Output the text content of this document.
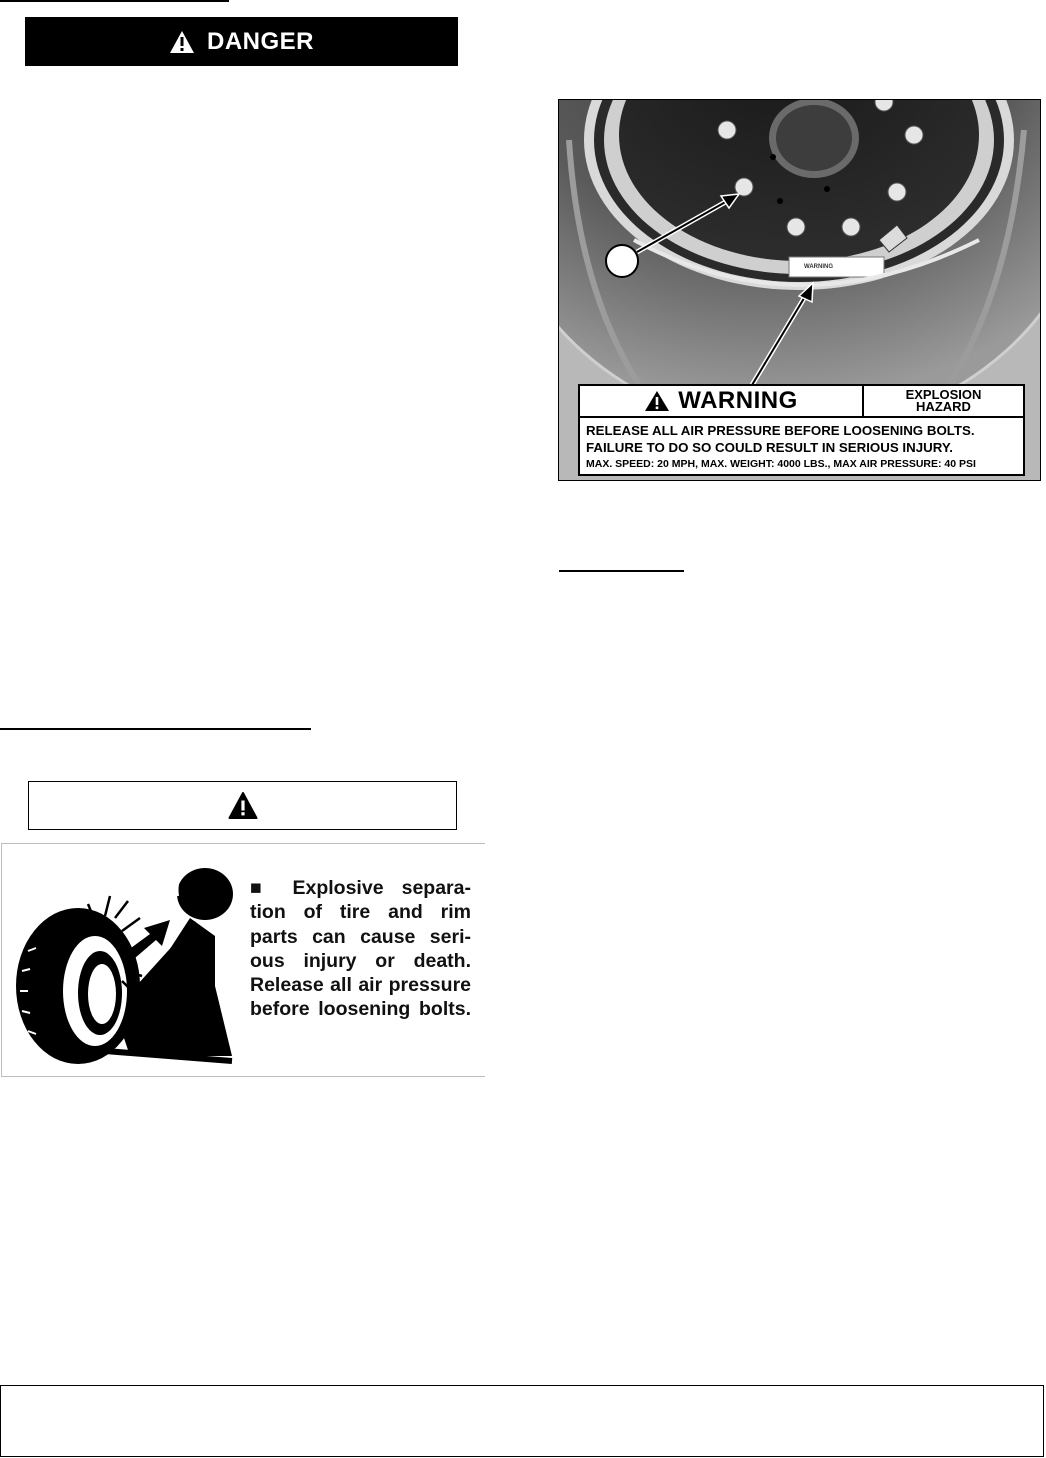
DANGER
WARNING
WARNING	EXPLOSION
HAZARD
RELEASE ALL AIR PRESSURE BEFORE LOOSENING BOLTS.
FAILURE TO DO SO COULD RESULT IN SERIOUS INJURY.
MAX. SPEED: 20 MPH, MAX. WEIGHT: 4000 LBS., MAX AIR PRESSURE: 40 PSI
■ Explosive separa-
tion of tire and rim
parts can cause seri-
ous injury or death.
Release all air pressure
before loosening bolts.
